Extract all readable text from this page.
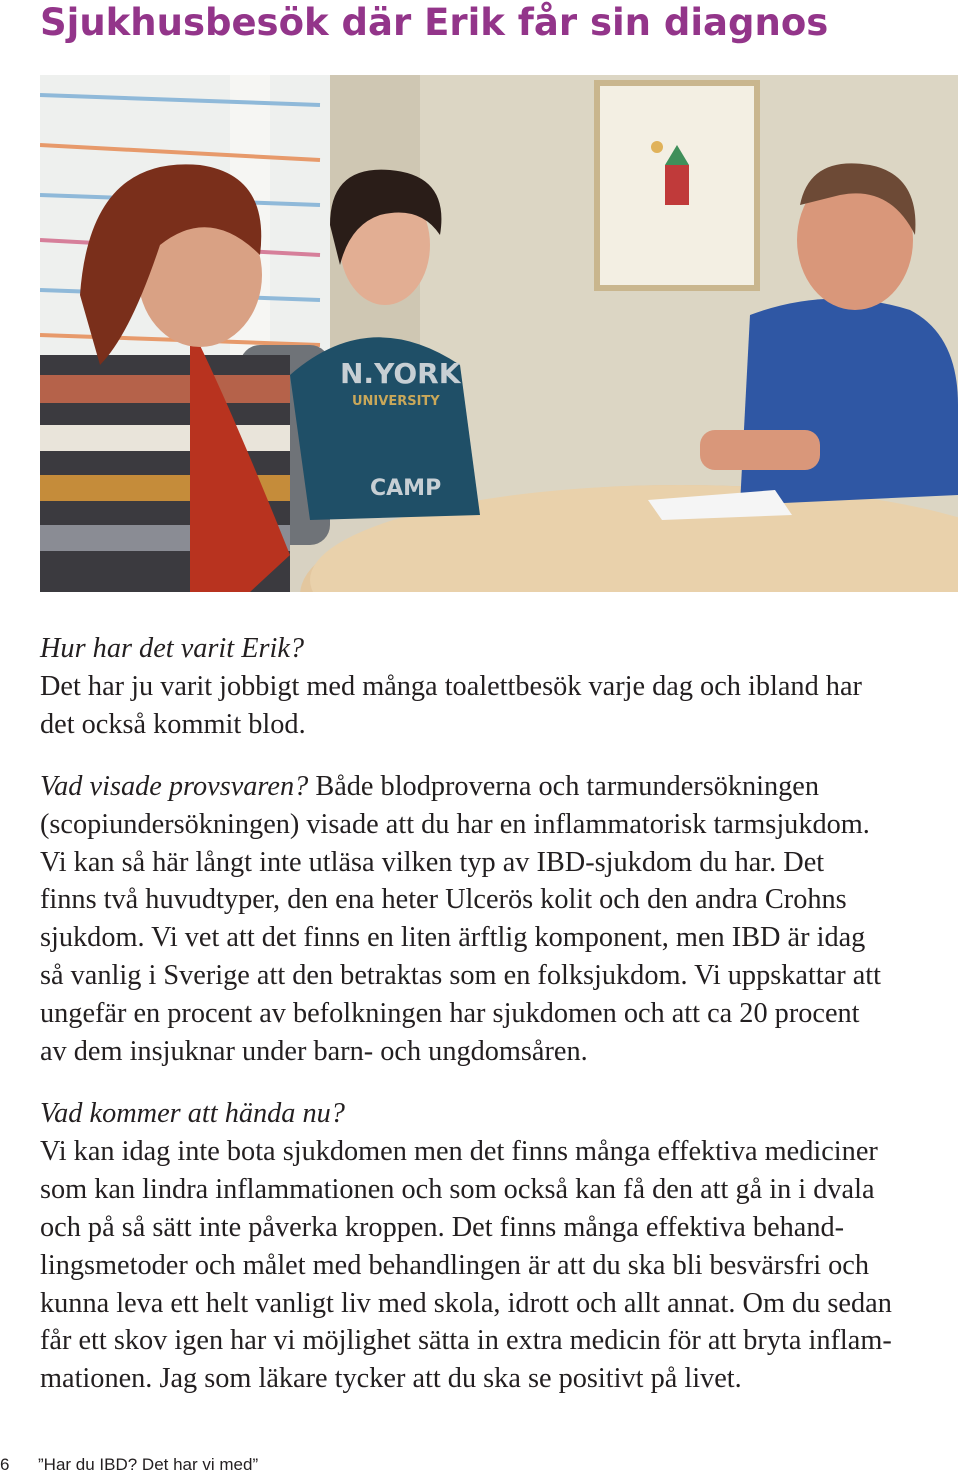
Sjukhusbesök där Erik får sin diagnos
N.YORK
UNIVERSITY
CAMP

Hur har det varit Erik?
Det har ju varit jobbigt med många toalettbesök varje dag och ibland har
det också kommit blod.

Vad visade provsvaren? Både blodproverna och tarmundersökningen
(scopiundersökningen) visade att du har en inflammatorisk tarmsjukdom.
Vi kan så här långt inte utläsa vilken typ av IBD-sjukdom du har. Det
finns två huvudtyper, den ena heter Ulcerös kolit och den andra Crohns
sjukdom. Vi vet att det finns en liten ärftlig komponent, men IBD är idag
så vanlig i Sverige att den betraktas som en folksjukdom. Vi uppskattar att
ungefär en procent av befolkningen har sjukdomen och att ca 20 procent
av dem insjuknar under barn- och ungdomsåren.

Vad kommer att hända nu?
Vi kan idag inte bota sjukdomen men det finns många effektiva mediciner
som kan lindra inflammationen och som också kan få den att gå in i dvala
och på så sätt inte påverka kroppen. Det finns många effektiva behand-
lingsmetoder och målet med behandlingen är att du ska bli besvärsfri och
kunna leva ett helt vanligt liv med skola, idrott och allt annat. Om du sedan
får ett skov igen har vi möjlighet sätta in extra medicin för att bryta inflam-
mationen. Jag som läkare tycker att du ska se positivt på livet.

6 ”Har du IBD? Det har vi med”
